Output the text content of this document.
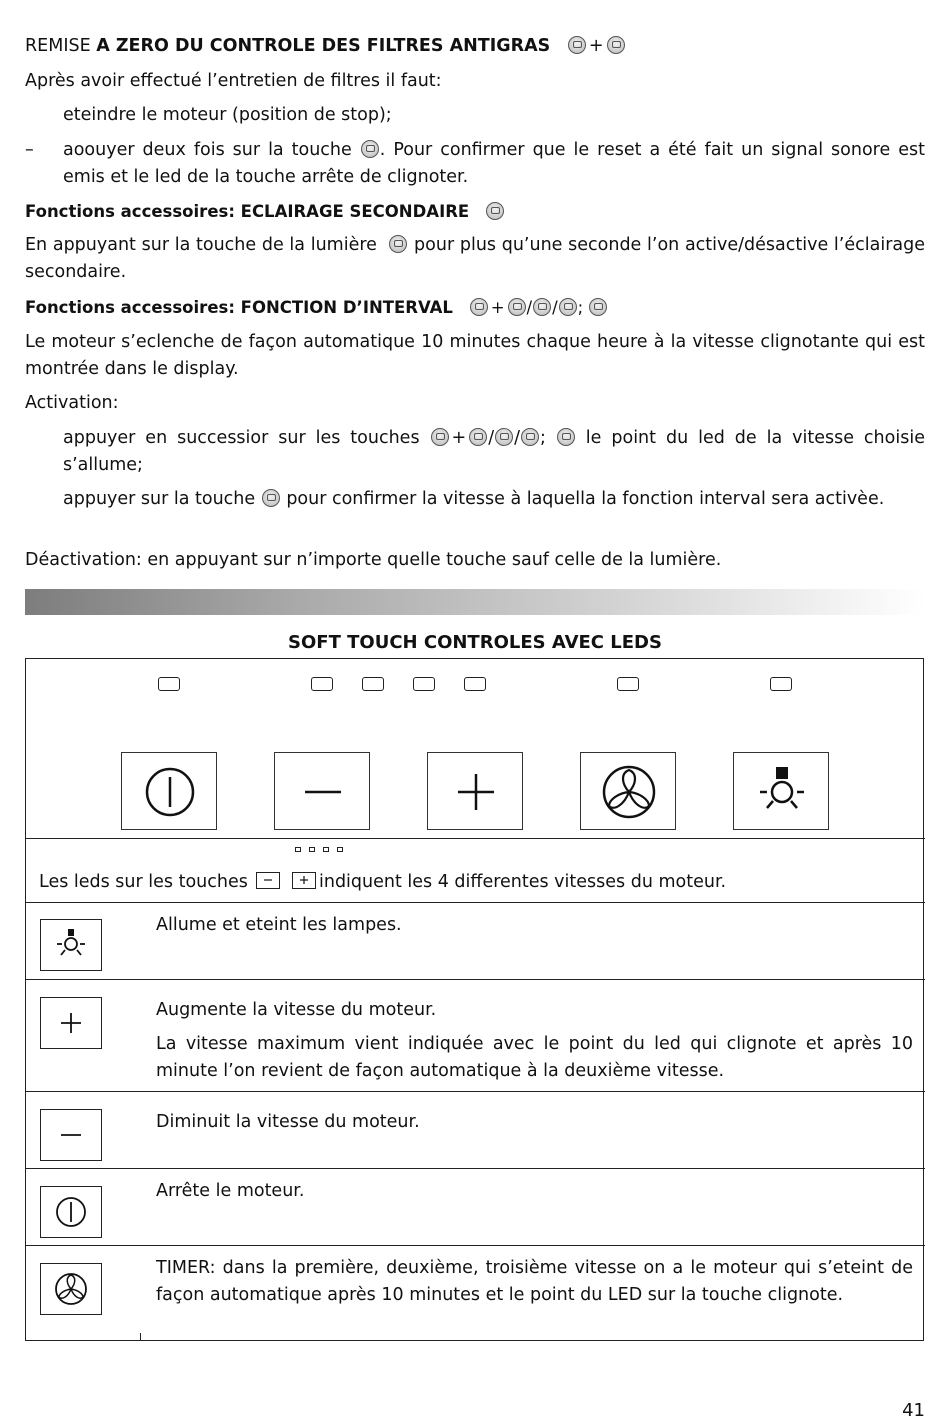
REMISE A ZERO DU CONTROLE DES FILTRES ANTIGRAS +
Après avoir effectué l’entretien de filtres il faut:
eteindre le moteur (position de stop);
– aoouyer deux fois sur la touche . Pour confirmer que le reset a été fait un signal sonore est emis et le led de la touche arrête de clignoter.
Fonctions accessoires: ECLAIRAGE SECONDAIRE
En appuyant sur la touche de la lumière   pour plus qu’une seconde l’on active/désactive l’éclairage secondaire.
Fonctions accessoires: FONCTION D’INTERVAL + / / ;
Le moteur s’eclenche de façon automatique 10 minutes chaque heure à la vitesse clignotante qui est montrée dans le display.
Activation:
appuyer en successior sur les touches + / / ;  le point du led de la vitesse choisie s’allume;
appuyer sur la touche  pour confirmer la vitesse à laquella la fonction interval sera activèe.
Déactivation: en appuyant sur n’importe quelle touche sauf celle de la lumière.
SOFT TOUCH CONTROLES AVEC LEDS
Les leds sur les touches
	indiquent les 4 differentes vitesses du moteur.
Allume et eteint les lampes.
Augmente la vitesse du moteur.
La vitesse maximum vient indiquée avec le point du led qui clignote et après 10 minute l’on revient de façon automatique à la deuxième vitesse.
Diminuit la vitesse du moteur.
Arrête le moteur.
TIMER: dans la première, deuxième, troisième vitesse on a le moteur qui s’eteint de façon automatique après 10 minutes et le point du LED sur la touche clignote.
41
